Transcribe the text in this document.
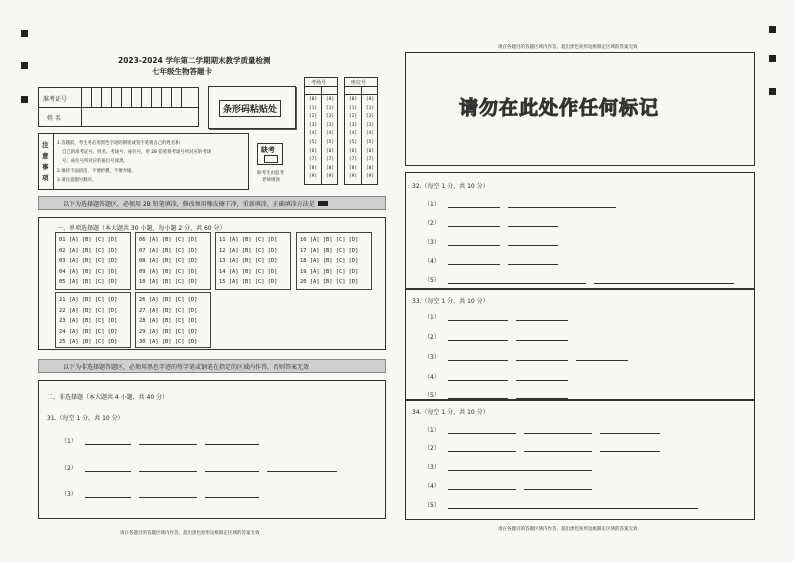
2023-2024 学年第二学期期末教学质量检测
七年级生物答题卡
准考证号
姓 名
条形码粘贴处
缺考
缺考生由监考
老师填涂
考场号
[0]
[1]
[2]
[3]
[4]
[5]
[6]
[7]
[8]
[9]
[0]
[1]
[2]
[3]
[4]
[5]
[6]
[7]
[8]
[9]
座位号
[0]
[1]
[2]
[3]
[4]
[5]
[6]
[7]
[8]
[9]
[0]
[1]
[2]
[3]
[4]
[5]
[6]
[7]
[8]
[9]
注
意
事
项
1.答题前，考生务必用黑色字迹的钢笔或签字笔将自己的姓名和
自己的准考证号、姓名、考场号、座位号，用 2B 铅笔将考场号所对应的考场
号，座位号所对应的座位号涂黑。
2.保持卡面清洁，不要折叠，不要弄破。
3.请注意题号顺序。
以下为选择题答题区，必须用 2B 铅笔填涂，修改须用橡皮擦干净，重新填涂，正确填涂方法是
一、单项选择题（本大题共 30 小题，每小题 2 分，共 60 分）
01 [A] [B] [C] [D]
02 [A] [B] [C] [D]
03 [A] [B] [C] [D]
04 [A] [B] [C] [D]
05 [A] [B] [C] [D]
06 [A] [B] [C] [D]
07 [A] [B] [C] [D]
08 [A] [B] [C] [D]
09 [A] [B] [C] [D]
10 [A] [B] [C] [D]
11 [A] [B] [C] [D]
12 [A] [B] [C] [D]
13 [A] [B] [C] [D]
14 [A] [B] [C] [D]
15 [A] [B] [C] [D]
16 [A] [B] [C] [D]
17 [A] [B] [C] [D]
18 [A] [B] [C] [D]
19 [A] [B] [C] [D]
20 [A] [B] [C] [D]
21 [A] [B] [C] [D]
22 [A] [B] [C] [D]
23 [A] [B] [C] [D]
24 [A] [B] [C] [D]
25 [A] [B] [C] [D]
26 [A] [B] [C] [D]
27 [A] [B] [C] [D]
28 [A] [B] [C] [D]
29 [A] [B] [C] [D]
30 [A] [B] [C] [D]
以下为非选择题答题区，必须用黑色字迹的签字笔或钢笔在指定的区域内作答，否则答案无效
二、非选择题（本大题共 4 小题，共 40 分）
31.（每空 1 分，共 10 分）
（1）
（2）
（3）
请在各题目的答题区域内作答，超出黑色矩形边框限定区域的答案无效
请在各题目的答题区域内作答，超出黑色矩形边框限定区域的答案无效
请勿在此处作任何标记
32.（每空 1 分，共 10 分）
（1）
（2）
（3）
（4）
（5）
33.（每空 1 分，共 10 分）
（1）
（2）
（3）
（4）
（5）
34.（每空 1 分，共 10 分）
（1）
（2）
（3）
（4）
（5）
请在各题目的答题区域内作答，超出黑色矩形边框限定区域的答案无效
